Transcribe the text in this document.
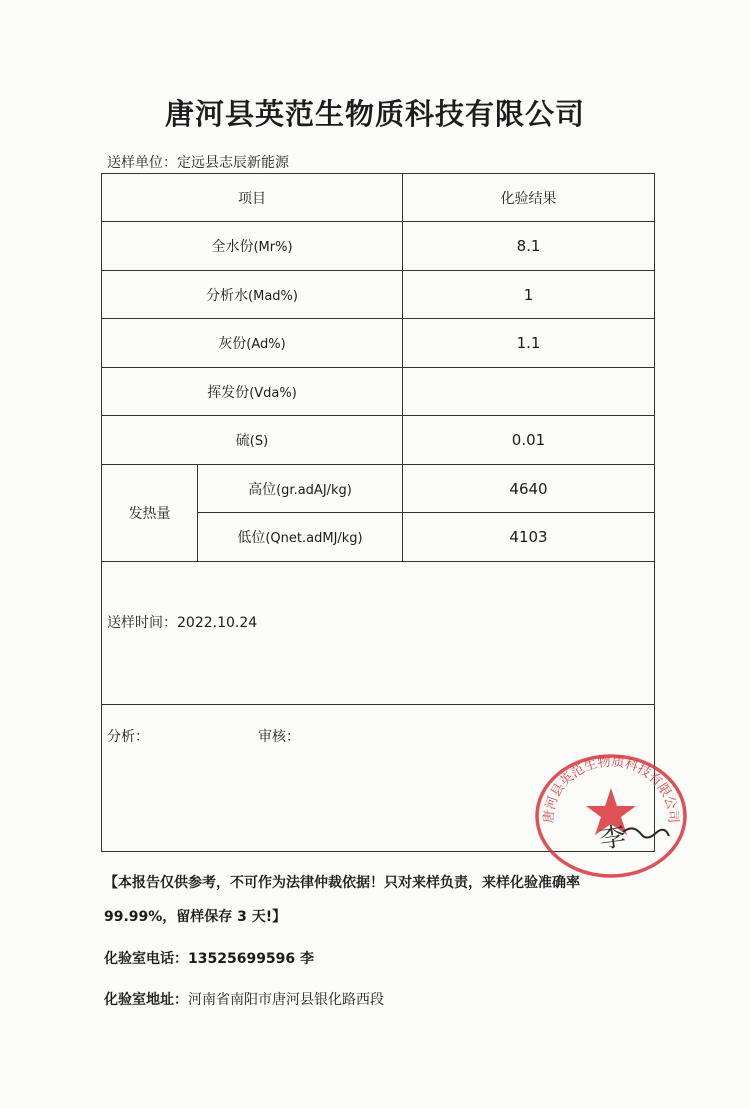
唐河县英范生物质科技有限公司
送样单位：定远县志辰新能源
项目		化验结果
全水份(Mr%)		8.1
分析水(Mad%)		1
灰份(Ad%)		1.1
挥发份(Vda%)		
硫(S)		0.01
发热量	高位(gr.adAJ/kg)	4640
	低位(Qnet.adMJ/kg)	4103

送样时间：2022.10.24
分析：	审核：
唐河县英范生物质科技有限公司
李
【本报告仅供参考，不可作为法律仲裁依据！只对来样负责，来样化验准确率
99.99%，留样保存 3 天!】
化验室电话：13525699596 李
化验室地址：河南省南阳市唐河县银化路西段
